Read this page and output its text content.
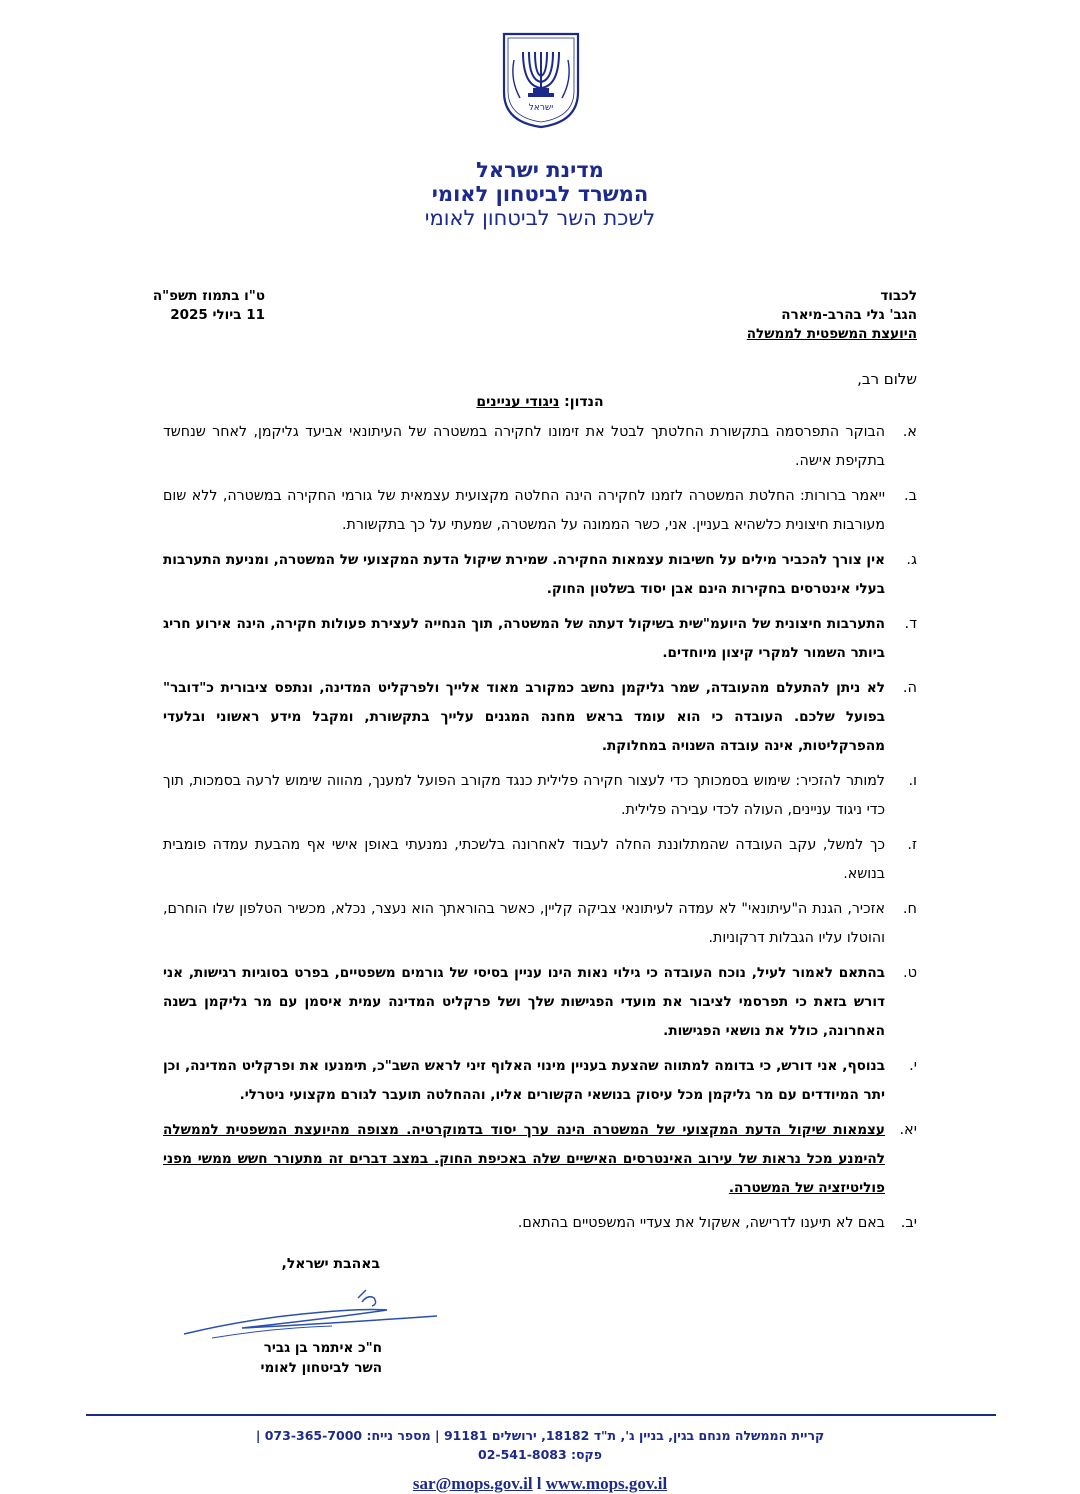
ישראל
מדינת ישראל
המשרד לביטחון לאומי
לשכת השר לביטחון לאומי
לכבוד
הגב' גלי בהרב-מיארה
היועצת המשפטית לממשלה
ט"ו בתמוז תשפ"ה
11 ביולי 2025
שלום רב,
הנדון: ניגודי עניינים
א.
הבוקר התפרסמה בתקשורת החלטתך לבטל את זימונו לחקירה במשטרה של העיתונאי אביעד גליקמן, לאחר שנחשד בתקיפת אישה.
ב.
ייאמר ברורות: החלטת המשטרה לזמנו לחקירה הינה החלטה מקצועית עצמאית של גורמי החקירה במשטרה, ללא שום מעורבות חיצונית כלשהיא בעניין. אני, כשר הממונה על המשטרה, שמעתי על כך בתקשורת.
ג.
אין צורך להכביר מילים על חשיבות עצמאות החקירה. שמירת שיקול הדעת המקצועי של המשטרה, ומניעת התערבות בעלי אינטרסים בחקירות הינם אבן יסוד בשלטון החוק.
ד.
התערבות חיצונית של היועמ"שית בשיקול דעתה של המשטרה, תוך הנחייה לעצירת פעולות חקירה, הינה אירוע חריג ביותר השמור למקרי קיצון מיוחדים.
ה.
לא ניתן להתעלם מהעובדה, שמר גליקמן נחשב כמקורב מאוד אלייך ולפרקליט המדינה, ונתפס ציבורית כ"דובר" בפועל שלכם. העובדה כי הוא עומד בראש מחנה המגנים עלייך בתקשורת, ומקבל מידע ראשוני ובלעדי מהפרקליטות, אינה עובדה השנויה במחלוקת.
ו.
למותר להזכיר: שימוש בסמכותך כדי לעצור חקירה פלילית כנגד מקורב הפועל למענך, מהווה שימוש לרעה בסמכות, תוך כדי ניגוד עניינים, העולה לכדי עבירה פלילית.
ז.
כך למשל, עקב העובדה שהמתלוננת החלה לעבוד לאחרונה בלשכתי, נמנעתי באופן אישי אף מהבעת עמדה פומבית בנושא.
ח.
אזכיר, הגנת ה"עיתונאי" לא עמדה לעיתונאי צביקה קליין, כאשר בהוראתך הוא נעצר, נכלא, מכשיר הטלפון שלו הוחרם, והוטלו עליו הגבלות דרקוניות.
ט.
בהתאם לאמור לעיל, נוכח העובדה כי גילוי נאות הינו עניין בסיסי של גורמים משפטיים, בפרט בסוגיות רגישות, אני דורש בזאת כי תפרסמי לציבור את מועדי הפגישות שלך ושל פרקליט המדינה עמית איסמן עם מר גליקמן בשנה האחרונה, כולל את נושאי הפגישות.
י.
בנוסף, אני דורש, כי בדומה למתווה שהצעת בעניין מינוי האלוף זיני לראש השב"כ, תימנעו את ופרקליט המדינה, וכן יתר המיודדים עם מר גליקמן מכל עיסוק בנושאי הקשורים אליו, וההחלטה תועבר לגורם מקצועי ניטרלי.
יא.
עצמאות שיקול הדעת המקצועי של המשטרה הינה ערך יסוד בדמוקרטיה. מצופה מהיועצת המשפטית לממשלה להימנע מכל נראות של עירוב האינטרסים האישיים שלה באכיפת החוק. במצב דברים זה מתעורר חשש ממשי מפני פוליטיזציה של המשטרה.
יב.
באם לא תיענו לדרישה, אשקול את צעדיי המשפטיים בהתאם.
באהבת ישראל,
ח"כ איתמר בן גביר
השר לביטחון לאומי
קריית הממשלה מנחם בגין, בניין ג', ת"ד 18182, ירושלים 91181 | מספר נייח: 073-365-7000 |
פקס: 02-541-8083
sar@mops.gov.il l www.mops.gov.il
